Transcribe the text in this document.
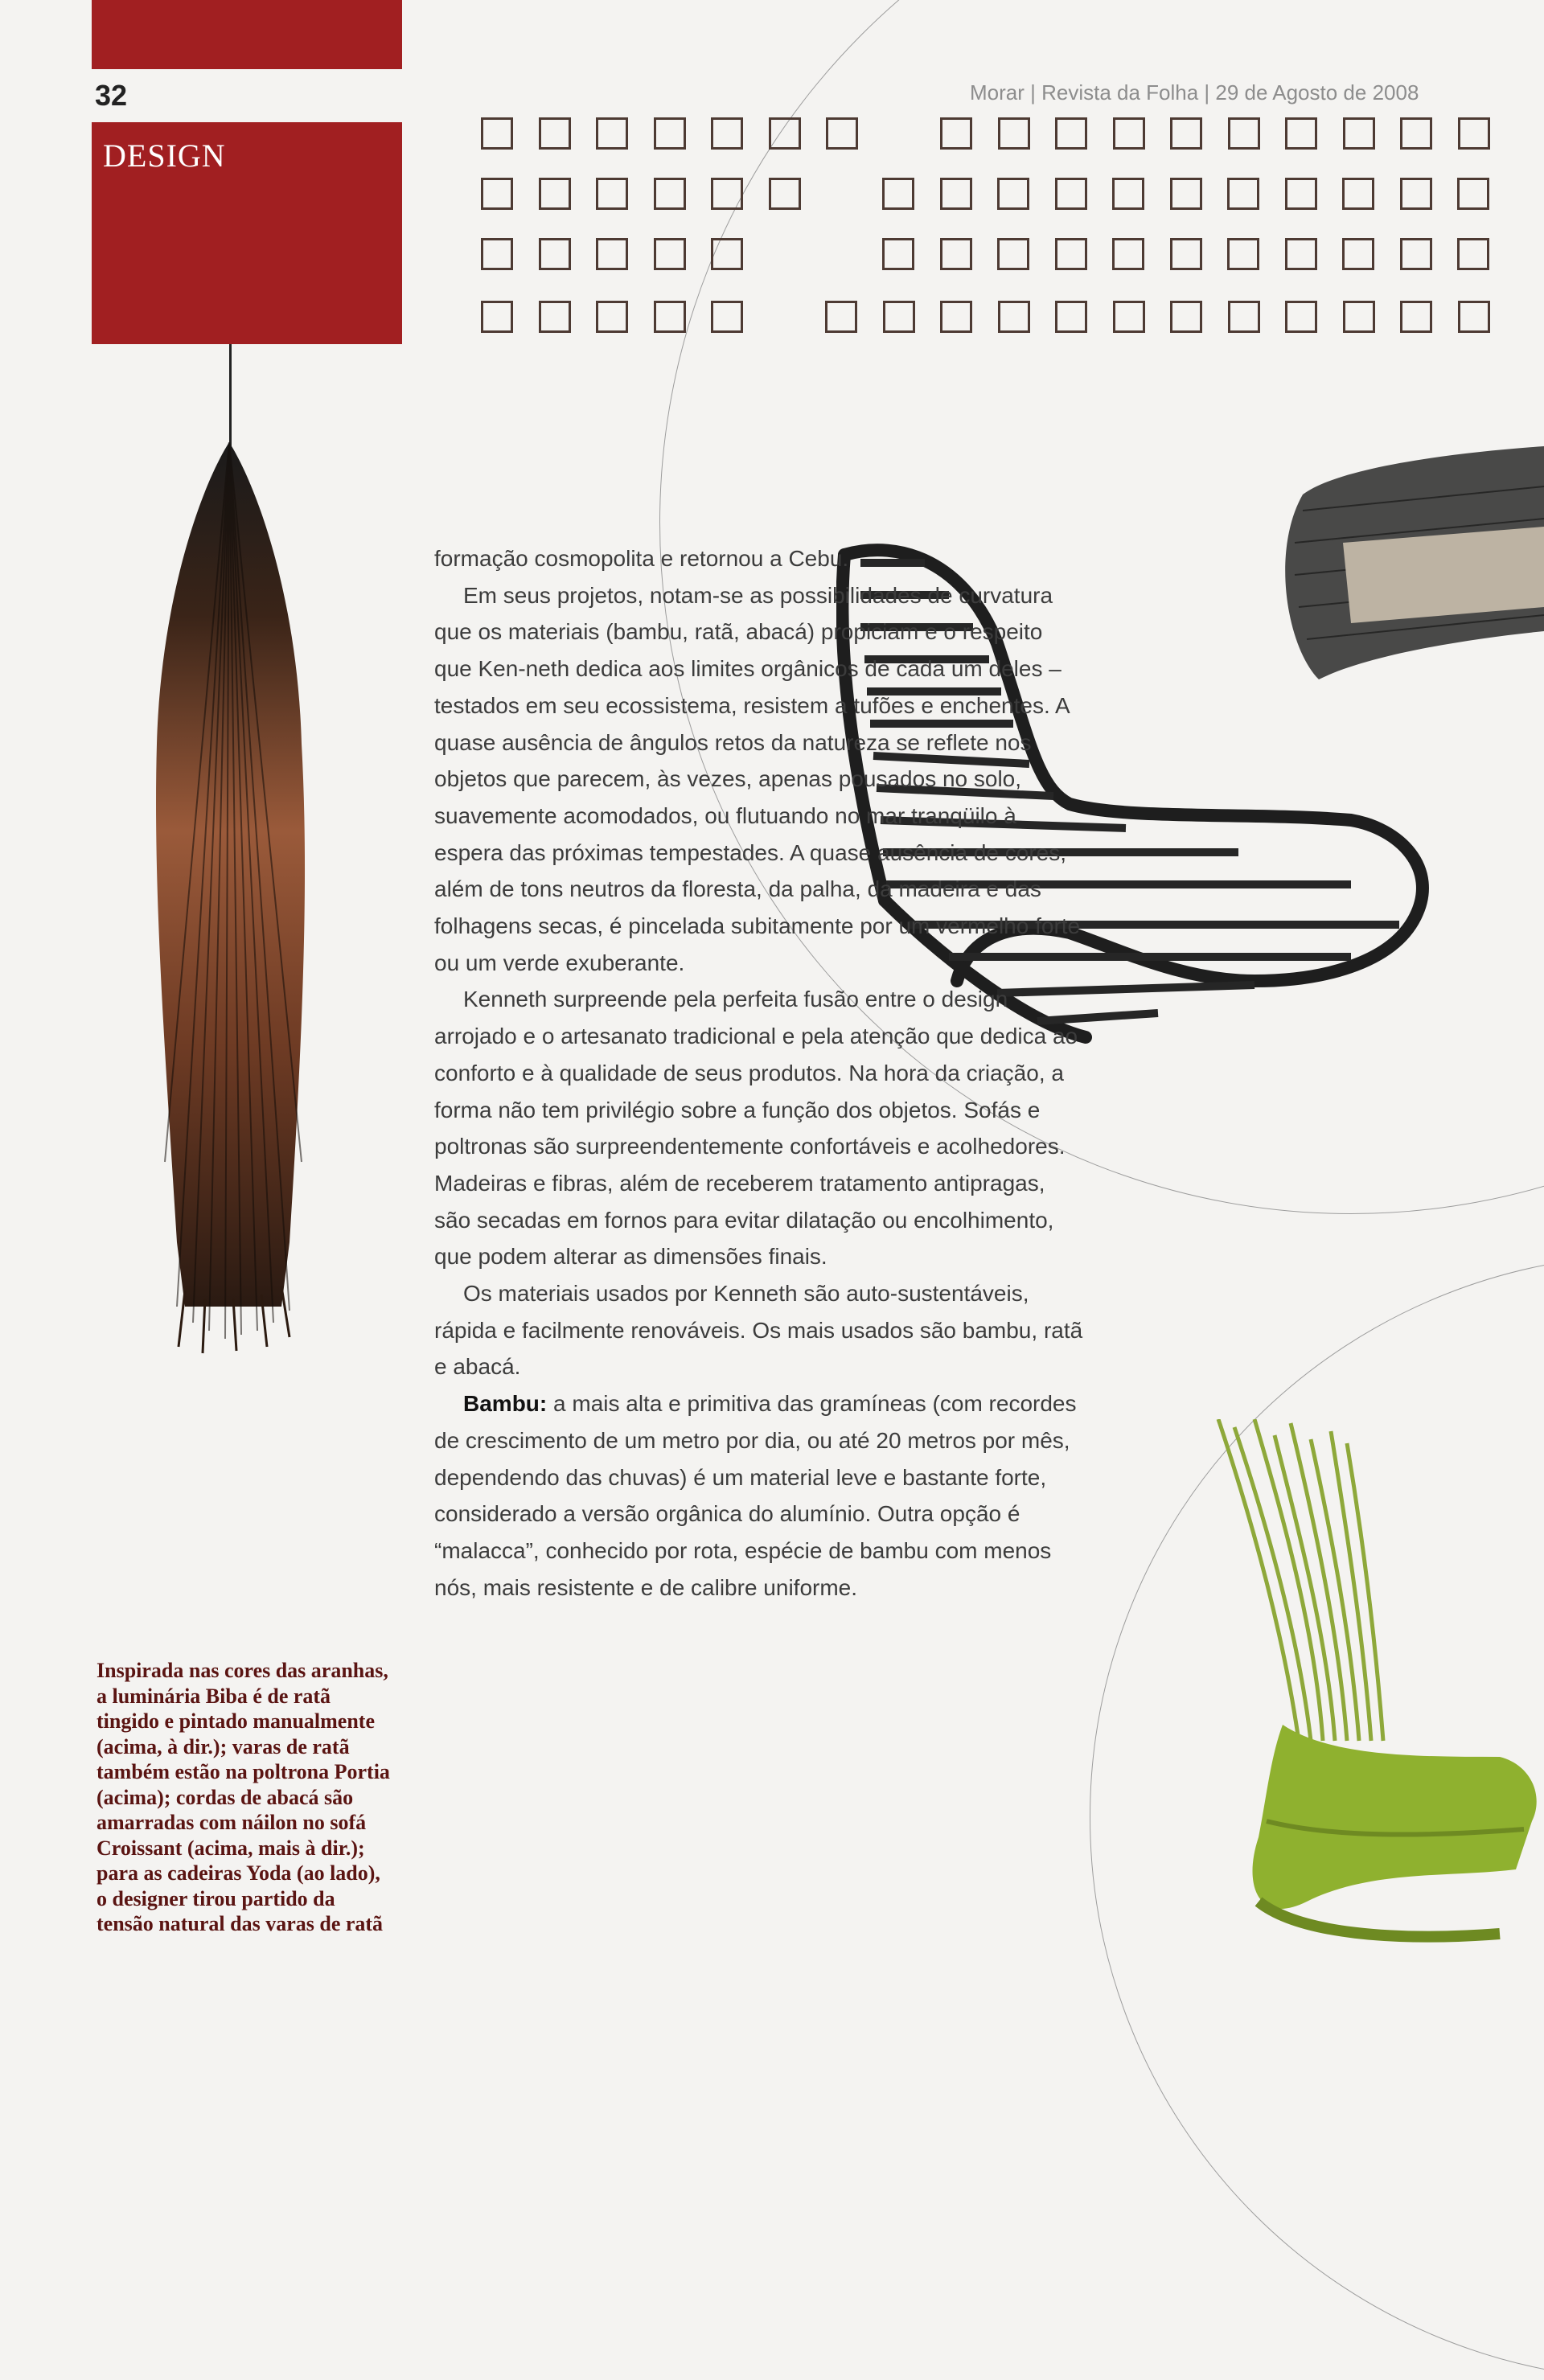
32
DESIGN
Morar | Revista da Folha | 29 de Agosto de 2008

formação cosmopolita e retornou a Cebu.

Em seus projetos, notam-se as possibilidades de curvatura que os materiais (bambu, ratã, abacá) propiciam e o respeito que Ken-neth dedica aos limites orgânicos de cada um deles –testados em seu ecossistema, resistem a tufões e enchentes. A quase ausência de ângulos retos da natureza se reflete nos objetos que parecem, às vezes, apenas pousados no solo, suavemente acomodados, ou flutuando no mar tranqüilo à espera das próximas tempestades. A quase ausência de cores, além de tons neutros da floresta, da palha, da madeira e das folhagens secas, é pincelada subitamente por um vermelho forte ou um verde exuberante.

Kenneth surpreende pela perfeita fusão entre o design arrojado e o artesanato tradicional e pela atenção que dedica ao conforto e à qualidade de seus produtos. Na hora da criação, a forma não tem privilégio sobre a função dos objetos. Sofás e poltronas são surpreendentemente confortáveis e acolhedores. Madeiras e fibras, além de receberem tratamento antipragas, são secadas em fornos para evitar dilatação ou encolhimento, que podem alterar as dimensões finais.

Os materiais usados por Kenneth são auto-sustentáveis, rápida e facilmente renováveis. Os mais usados são bambu, ratã e abacá.

Bambu: a mais alta e primitiva das gramíneas (com recordes de crescimento de um metro por dia, ou até 20 metros por mês, dependendo das chuvas) é um material leve e bastante forte, considerado a versão orgânica do alumínio. Outra opção é “malacca”, conhecido por rota, espécie de bambu com menos nós, mais resistente e de calibre uniforme.

Inspirada nas cores das aranhas, a luminária Biba é de ratã tingido e pintado manualmente (acima, à dir.); varas de ratã também estão na poltrona Portia (acima); cordas de abacá são amarradas com náilon no sofá Croissant (acima, mais à dir.); para as cadeiras Yoda (ao lado), o designer tirou partido da tensão natural das varas de ratã
